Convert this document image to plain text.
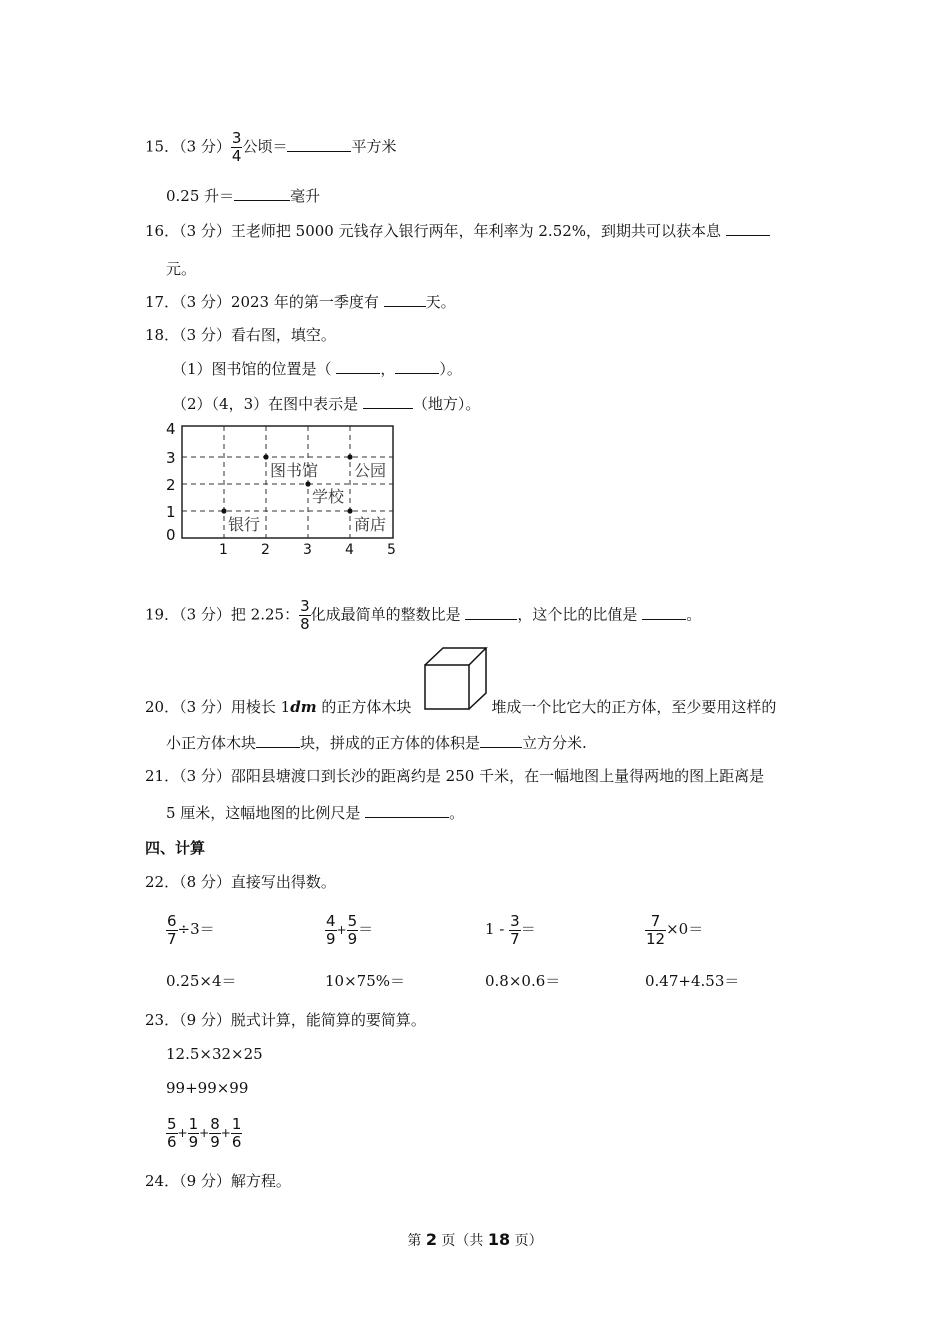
15．（3 分） $\frac{3}{4}$ 公顷＝	平方米
0.25 升＝	毫升
16．（3 分）王老师把 5000 元钱存入银行两年，年利率为 2.52%，到期共可以获本息
元。
17．（3 分）2023 年的第一季度有	天。
18．（3 分）看右图，填空。
（1）图书馆的位置是（	，	）。
（2）（4，3）在图中表示是	（地方）。
4
3
2
1
0
1 2 3 4 5
图书馆 公园
学校
银行	商店
19．（3 分）把 2.25： $\frac{3}{8}$ 化成最简单的整数比是	，这个比的比值是	。
20．（3 分）用棱长 1dm 的正方体木块	堆成一个比它大的正方体，至少要用这样的
小正方体木块	块，拼成的正方体的体积是	立方分米.
21．（3 分）邵阳县塘渡口到长沙的距离约是 250 千米，在一幅地图上量得两地的图上距离是
5 厘米，这幅地图的比例尺是	。
四、计算
22．（8 分）直接写出得数。
$\frac{6}{7} \div 3=$	$\frac{4}{9} + \frac{5}{9}$ ＝	$1 - \frac{3}{7}$ ＝	$\frac{7}{12} \times 0=$
0.25×4＝	10×75%＝	0.8×0.6＝	0.47+4.53＝
23．（9 分）脱式计算，能简算的要简算。
12.5×32×25
99+99×99
$\frac{5}{6} + \frac{1}{9} + \frac{8}{9} + \frac{1}{6}$
24．（9 分）解方程。
第 2 页（共 18 页）
